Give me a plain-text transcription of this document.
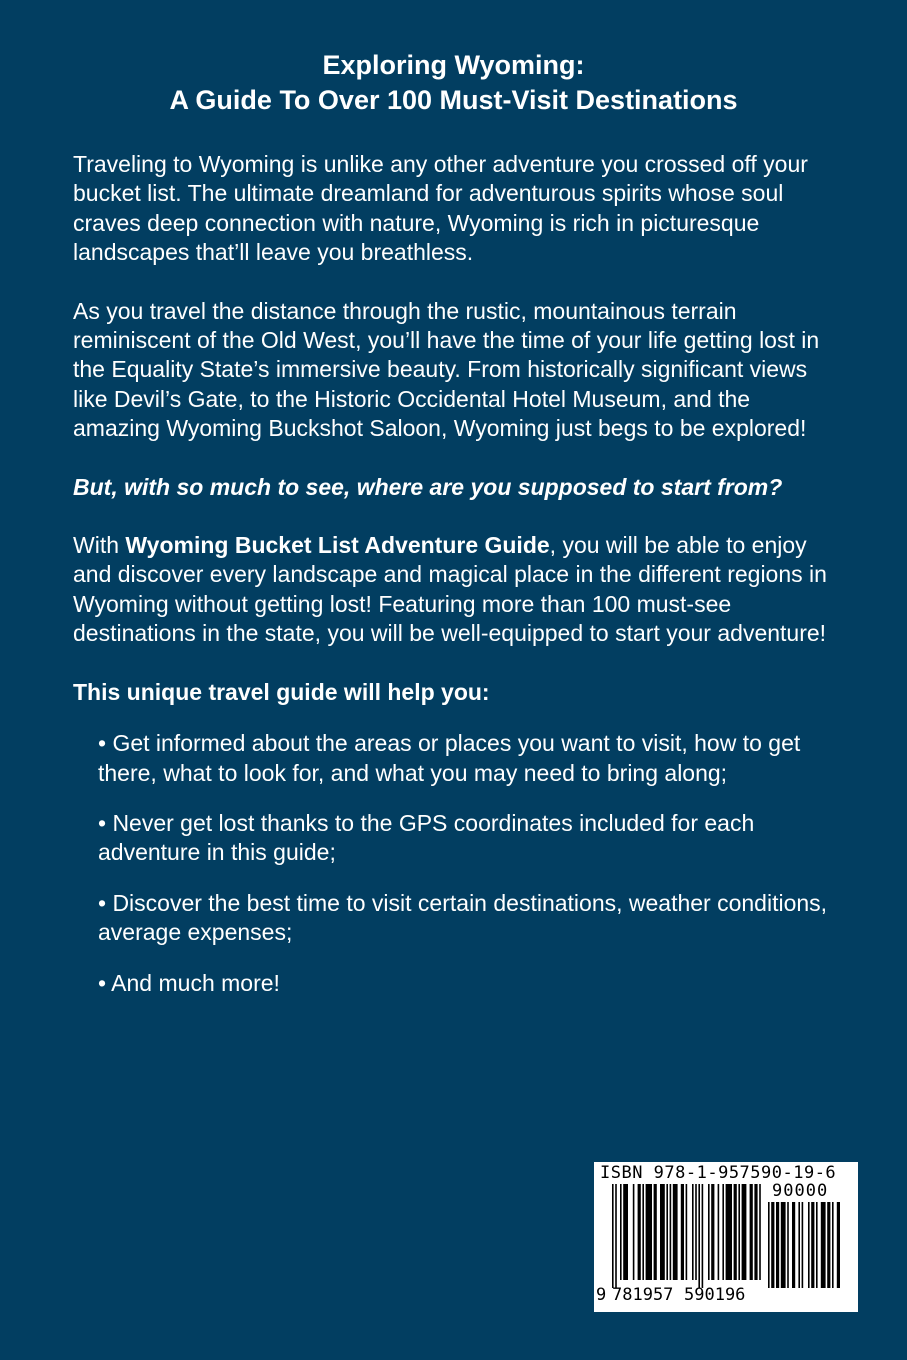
Exploring Wyoming:
A Guide To Over 100 Must-Visit Destinations

Traveling to Wyoming is unlike any other adventure you crossed off your bucket list. The ultimate dreamland for adventurous spirits whose soul craves deep connection with nature, Wyoming is rich in picturesque landscapes that’ll leave you breathless.

As you travel the distance through the rustic, mountainous terrain reminiscent of the Old West, you’ll have the time of your life getting lost in the Equality State’s immersive beauty. From historically significant views like Devil’s Gate, to the Historic Occidental Hotel Museum, and the amazing Wyoming Buckshot Saloon, Wyoming just begs to be explored!

But, with so much to see, where are you supposed to start from?

With Wyoming Bucket List Adventure Guide, you will be able to enjoy and discover every landscape and magical place in the different regions in Wyoming without getting lost! Featuring more than 100 must-see destinations in the state, you will be well-equipped to start your adventure!

This unique travel guide will help you:

• Get informed about the areas or places you want to visit, how to get there, what to look for, and what you may need to bring along;
• Never get lost thanks to the GPS coordinates included for each adventure in this guide;
• Discover the best time to visit certain destinations, weather conditions, average expenses;
• And much more!
ISBN 978-1-957590-19-6
90000
9 781957 590196
